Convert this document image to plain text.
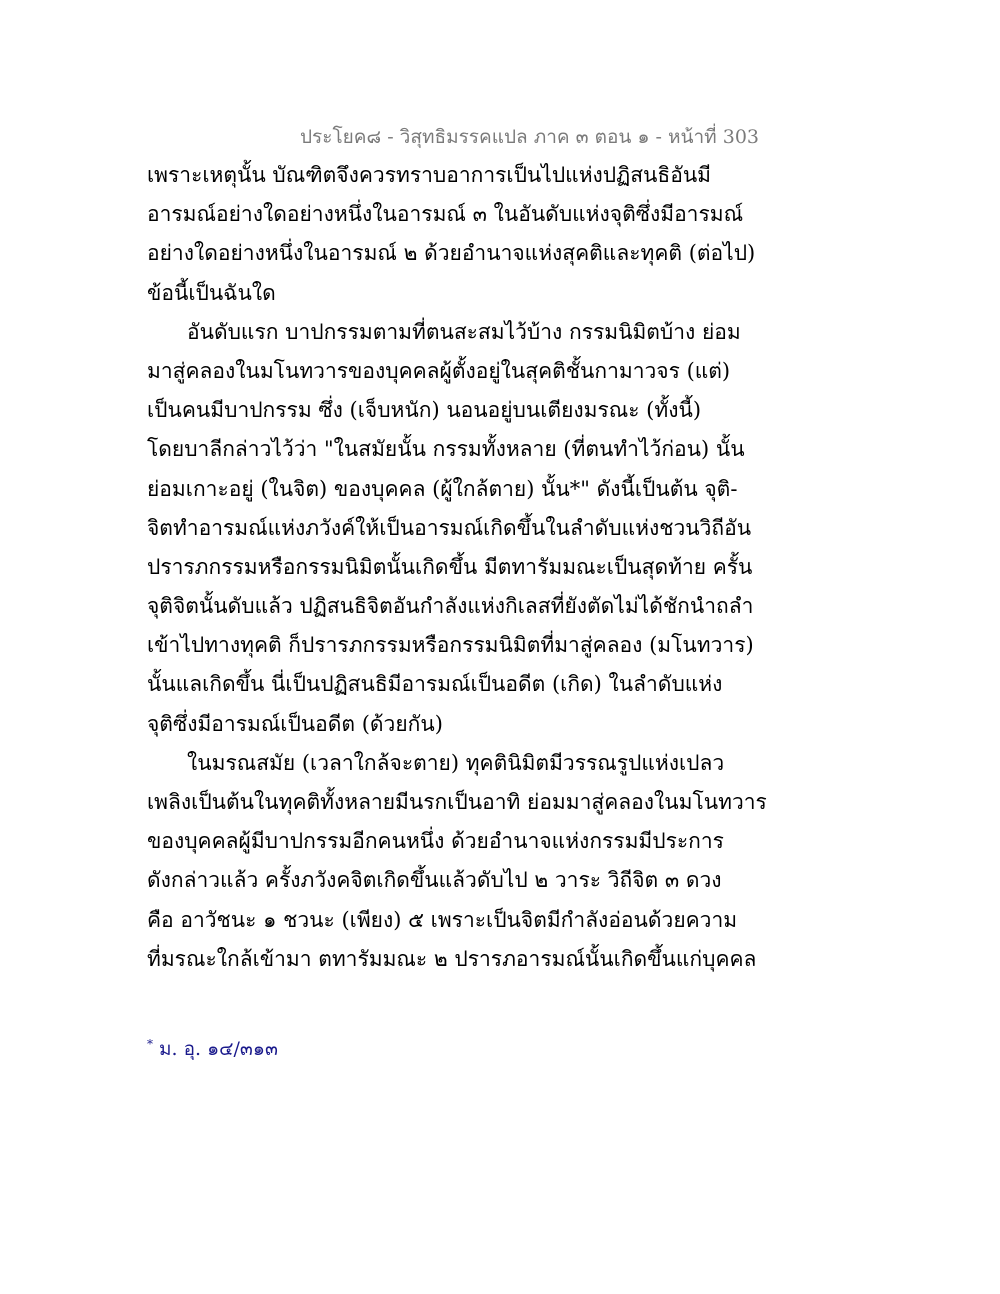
ประโยค๘ - วิสุทธิมรรคแปล ภาค ๓ ตอน ๑ - หน้าที่ 303
เพราะเหตุนั้น บัณฑิตจึงควรทราบอาการเป็นไปแห่งปฏิสนธิอันมี
อารมณ์อย่างใดอย่างหนึ่งในอารมณ์ ๓ ในอันดับแห่งจุติซึ่งมีอารมณ์
อย่างใดอย่างหนึ่งในอารมณ์ ๒ ด้วยอำนาจแห่งสุคติและทุคติ (ต่อไป)
ข้อนี้เป็นฉันใด
อันดับแรก บาปกรรมตามที่ตนสะสมไว้บ้าง กรรมนิมิตบ้าง ย่อม
มาสู่คลองในมโนทวารของบุคคลผู้ตั้งอยู่ในสุคติชั้นกามาวจร (แต่)
เป็นคนมีบาปกรรม ซึ่ง (เจ็บหนัก) นอนอยู่บนเตียงมรณะ (ทั้งนี้)
โดยบาลีกล่าวไว้ว่า "ในสมัยนั้น กรรมทั้งหลาย (ที่ตนทำไว้ก่อน) นั้น
ย่อมเกาะอยู่ (ในจิต) ของบุคคล (ผู้ใกล้ตาย) นั้น*" ดังนี้เป็นต้น จุติ-
จิตทำอารมณ์แห่งภวังค์ให้เป็นอารมณ์เกิดขึ้นในลำดับแห่งชวนวิถีอัน
ปรารภกรรมหรือกรรมนิมิตนั้นเกิดขึ้น มีตทารัมมณะเป็นสุดท้าย ครั้น
จุติจิตนั้นดับแล้ว ปฏิสนธิจิตอันกำลังแห่งกิเลสที่ยังตัดไม่ได้ชักนำถลำ
เข้าไปทางทุคติ ก็ปรารภกรรมหรือกรรมนิมิตที่มาสู่คลอง (มโนทวาร)
นั้นแลเกิดขึ้น นี่เป็นปฏิสนธิมีอารมณ์เป็นอดีต (เกิด) ในลำดับแห่ง
จุติซึ่งมีอารมณ์เป็นอดีต (ด้วยกัน)
ในมรณสมัย (เวลาใกล้จะตาย) ทุคตินิมิตมีวรรณรูปแห่งเปลว
เพลิงเป็นต้นในทุคติทั้งหลายมีนรกเป็นอาทิ ย่อมมาสู่คลองในมโนทวาร
ของบุคคลผู้มีบาปกรรมอีกคนหนึ่ง ด้วยอำนาจแห่งกรรมมีประการ
ดังกล่าวแล้ว ครั้งภวังคจิตเกิดขึ้นแล้วดับไป ๒ วาระ วิถีจิต ๓ ดวง
คือ อาวัชนะ ๑ ชวนะ (เพียง) ๕ เพราะเป็นจิตมีกำลังอ่อนด้วยความ
ที่มรณะใกล้เข้ามา ตทารัมมณะ ๒ ปรารภอารมณ์นั้นเกิดขึ้นแก่บุคคล
* ม. อุ. ๑๔/๓๑๓
